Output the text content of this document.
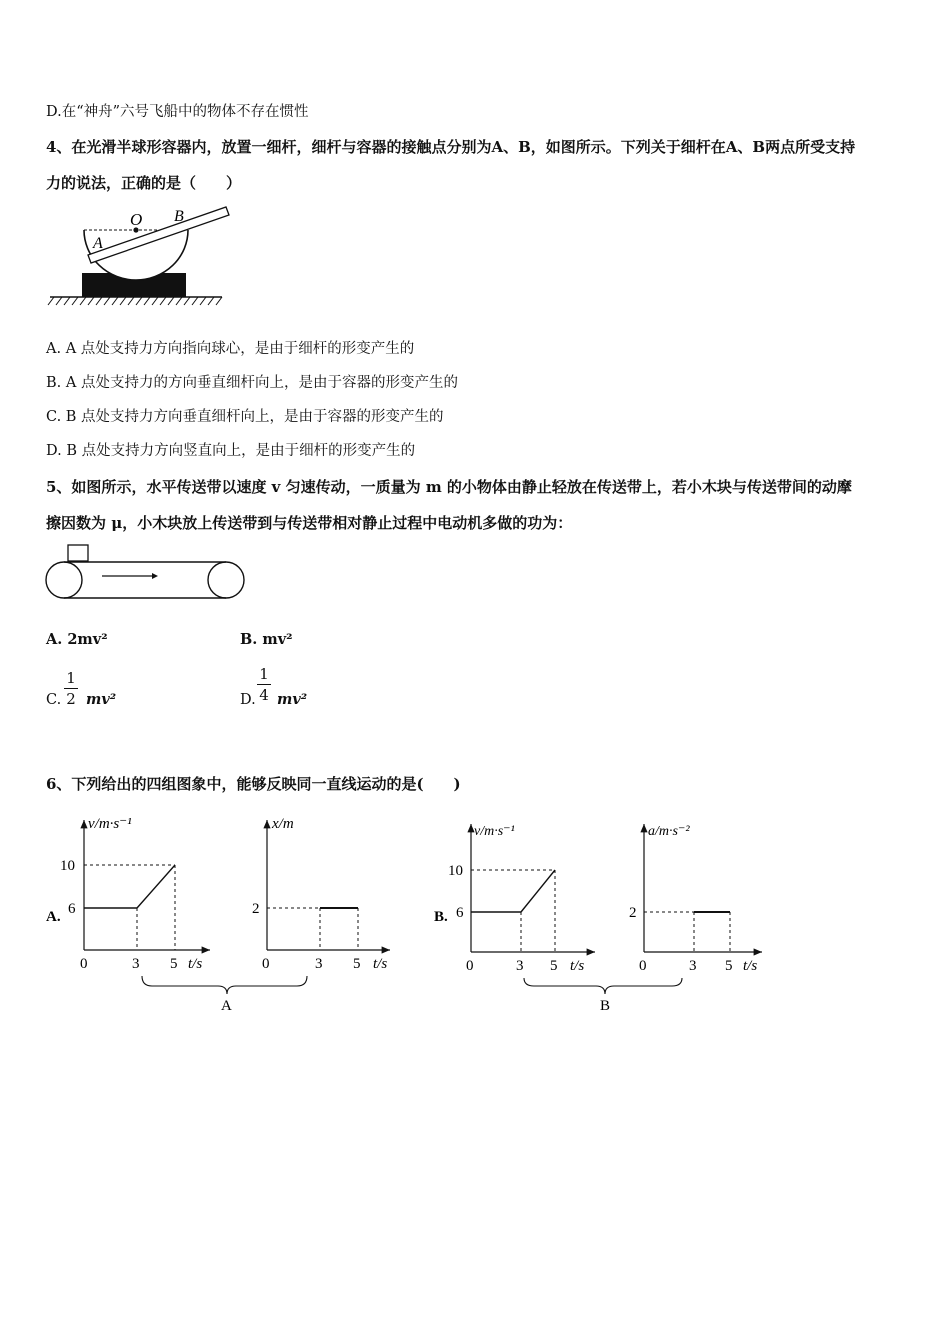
D.在“神舟”六号飞船中的物体不存在惯性
4、在光滑半球形容器内，放置一细杆，细杆与容器的接触点分别为A、B，如图所示。下列关于细杆在A、B两点所受支持
力的说法，正确的是（　　）
O
A
B
A. A 点处支持力方向指向球心，是由于细杆的形变产生的
B. A 点处支持力的方向垂直细杆向上，是由于容器的形变产生的
C. B 点处支持力方向垂直细杆向上，是由于容器的形变产生的
D. B 点处支持力方向竖直向上，是由于细杆的形变产生的
5、如图所示，水平传送带以速度 v 匀速传动，一质量为 m 的小物体由静止轻放在传送带上，若小木块与传送带间的动摩
擦因数为 μ，小木块放上传送带到与传送带相对静止过程中电动机多做的功为：
A. 2mv²	B. mv²
C.
1
2 mv²	D.
1
4 mv²
6、下列给出的四组图象中，能够反映同一直线运动的是(　　)
A.
v/m·s⁻¹
10
6
0	3 5 t/s
x/m
2
0	3 5 t/s
A
B.
v/m·s⁻¹
10
6
0	3 5 t/s
a/m·s⁻²
2
0	3 5 t/s
B
